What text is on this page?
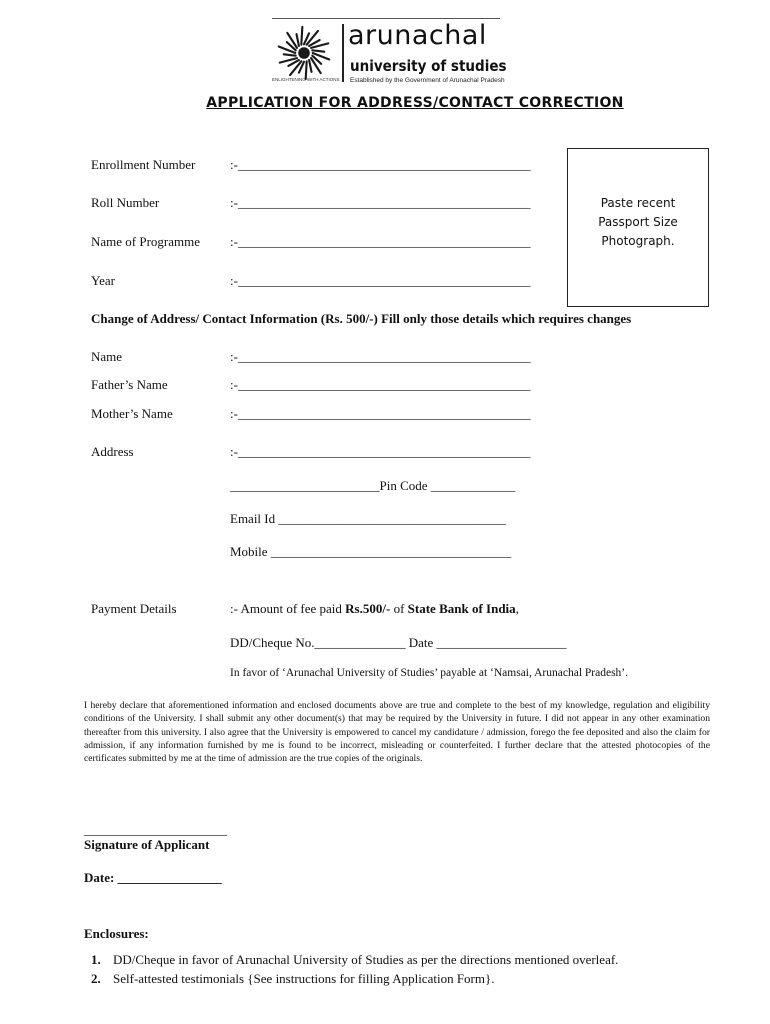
arunachal
university of studies
Established by the Government of Arunachal Pradesh
ENLIGHTENING WITH ACTIONS
APPLICATION FOR ADDRESS/CONTACT CORRECTION
Enrollment Number	:-_____________________________________________
Roll Number	:-_____________________________________________
Name of Programme :-_____________________________________________
Year	:-_____________________________________________
Paste recent
Passport Size
Photograph.
Change of Address/ Contact Information (Rs. 500/-) Fill only those details which requires changes
Name	:-_____________________________________________
Father’s Name	:-_____________________________________________
Mother’s Name	:-_____________________________________________
Address	:-_____________________________________________
_______________________Pin Code _____________
Email Id ___________________________________
Mobile _____________________________________
Payment Details	:- Amount of fee paid Rs.500/- of State Bank of India,
DD/Cheque No.______________ Date ____________________
In favor of ‘Arunachal University of Studies’ payable at ‘Namsai, Arunachal Pradesh’.
I hereby declare that aforementioned information and enclosed documents above are true and complete to the best of my knowledge, regulation and eligibility conditions of the University. I shall submit any other document(s) that may be required by the University in future. I did not appear in any other examination thereafter from this university. I also agree that the University is empowered to cancel my candidature / admission, forego the fee deposited and also the claim for admission, if any information furnished by me is found to be incorrect, misleading or counterfeited. I further declare that the attested photocopies of the certificates submitted by me at the time of admission are the true copies of the originals.
______________________
Signature of Applicant
Date: ________________
Enclosures:
1. DD/Cheque in favor of Arunachal University of Studies as per the directions mentioned overleaf.
2. Self-attested testimonials {See instructions for filling Application Form}.
